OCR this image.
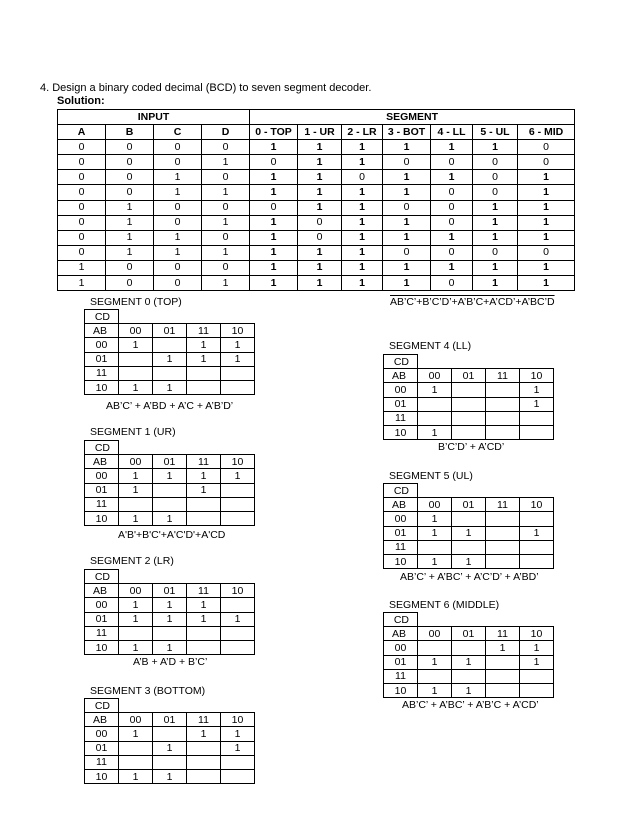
4. Design a binary coded decimal (BCD) to seven segment decoder.
Solution:
INPUT				SEGMENT						
A	B	C	D	0 - TOP	1 - UR	2 - LR	3 - BOT	4 - LL	5 - UL	6 - MID
0	0	0	0	1	1	1	1	1	1	0
0	0	0	1	0	1	1	0	0	0	0
0	0	1	0	1	1	0	1	1	0	1
0	0	1	1	1	1	1	1	0	0	1
0	1	0	0	0	1	1	0	0	1	1
0	1	0	1	1	0	1	1	0	1	1
0	1	1	0	1	0	1	1	1	1	1
0	1	1	1	1	1	1	0	0	0	0
1	0	0	0	1	1	1	1	1	1	1
1	0	0	1	1	1	1	1	0	1	1
SEGMENT 0 (TOP)
CD				
AB	00	01	11	10
00	1		1	1
01		1	1	1
11				
10	1	1		
AB’C’ + A’BD + A’C + A’B’D’
SEGMENT 1 (UR)
CD				
AB	00	01	11	10
00	1	1	1	1
01	1		1	
11				
10	1	1		
A'B'+B'C'+A'C'D'+A'CD
SEGMENT 2 (LR)
CD				
AB	00	01	11	10
00	1	1	1	
01	1	1	1	1
11				
10	1	1		
A’B + A’D + B’C’
SEGMENT 3 (BOTTOM)
CD				
AB	00	01	11	10
00	1		1	1
01		1		1
11				
10	1	1		
AB’C’+B’C’D’+A’B’C+A’CD’+A’BC’D
SEGMENT 4 (LL)
CD				
AB	00	01	11	10
00	1			1
01				1
11				
10	1			
B’C’D’ + A’CD’
SEGMENT 5 (UL)
CD				
AB	00	01	11	10
00	1			
01	1	1		1
11				
10	1	1		
AB’C’ + A’BC’ + A’C’D’ + A’BD’
SEGMENT 6 (MIDDLE)
CD				
AB	00	01	11	10
00			1	1
01	1	1		1
11				
10	1	1		
AB’C’ + A’BC’ + A’B’C + A’CD’
